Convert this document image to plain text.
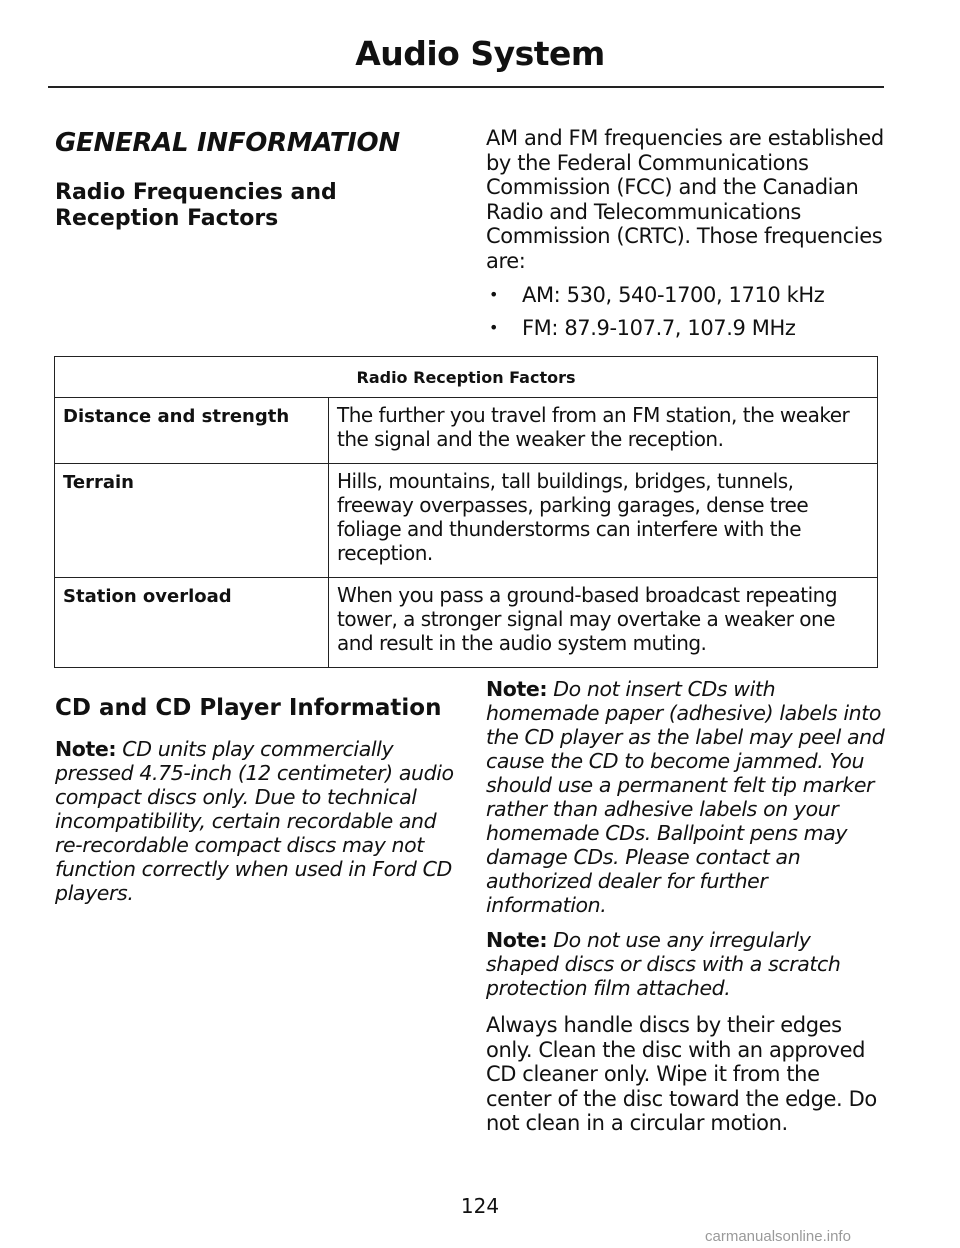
Audio System
GENERAL INFORMATION
Radio Frequencies and Reception Factors

AM and FM frequencies are established by the Federal Communications Commission (FCC) and the Canadian Radio and Telecommunications Commission (CRTC). Those frequencies are:

• AM: 530, 540-1700, 1710 kHz
• FM: 87.9-107.7, 107.9 MHz
Radio Reception Factors	
Distance and strength	The further you travel from an FM station, the weaker the signal and the weaker the reception.
Terrain	Hills, mountains, tall buildings, bridges, tunnels, freeway overpasses, parking garages, dense tree foliage and thunderstorms can interfere with the reception.
Station overload	When you pass a ground-based broadcast repeating tower, a stronger signal may overtake a weaker one and result in the audio system muting.
CD and CD Player Information

Note: CD units play commercially pressed 4.75-inch (12 centimeter) audio compact discs only. Due to technical incompatibility, certain recordable and re-recordable compact discs may not function correctly when used in Ford CD players.

Note: Do not insert CDs with homemade paper (adhesive) labels into the CD player as the label may peel and cause the CD to become jammed. You should use a permanent felt tip marker rather than adhesive labels on your homemade CDs. Ballpoint pens may damage CDs. Please contact an authorized dealer for further information.

Note: Do not use any irregularly shaped discs or discs with a scratch protection film attached.

Always handle discs by their edges only. Clean the disc with an approved CD cleaner only. Wipe it from the center of the disc toward the edge. Do not clean in a circular motion.

124
carmanualsonline.info
